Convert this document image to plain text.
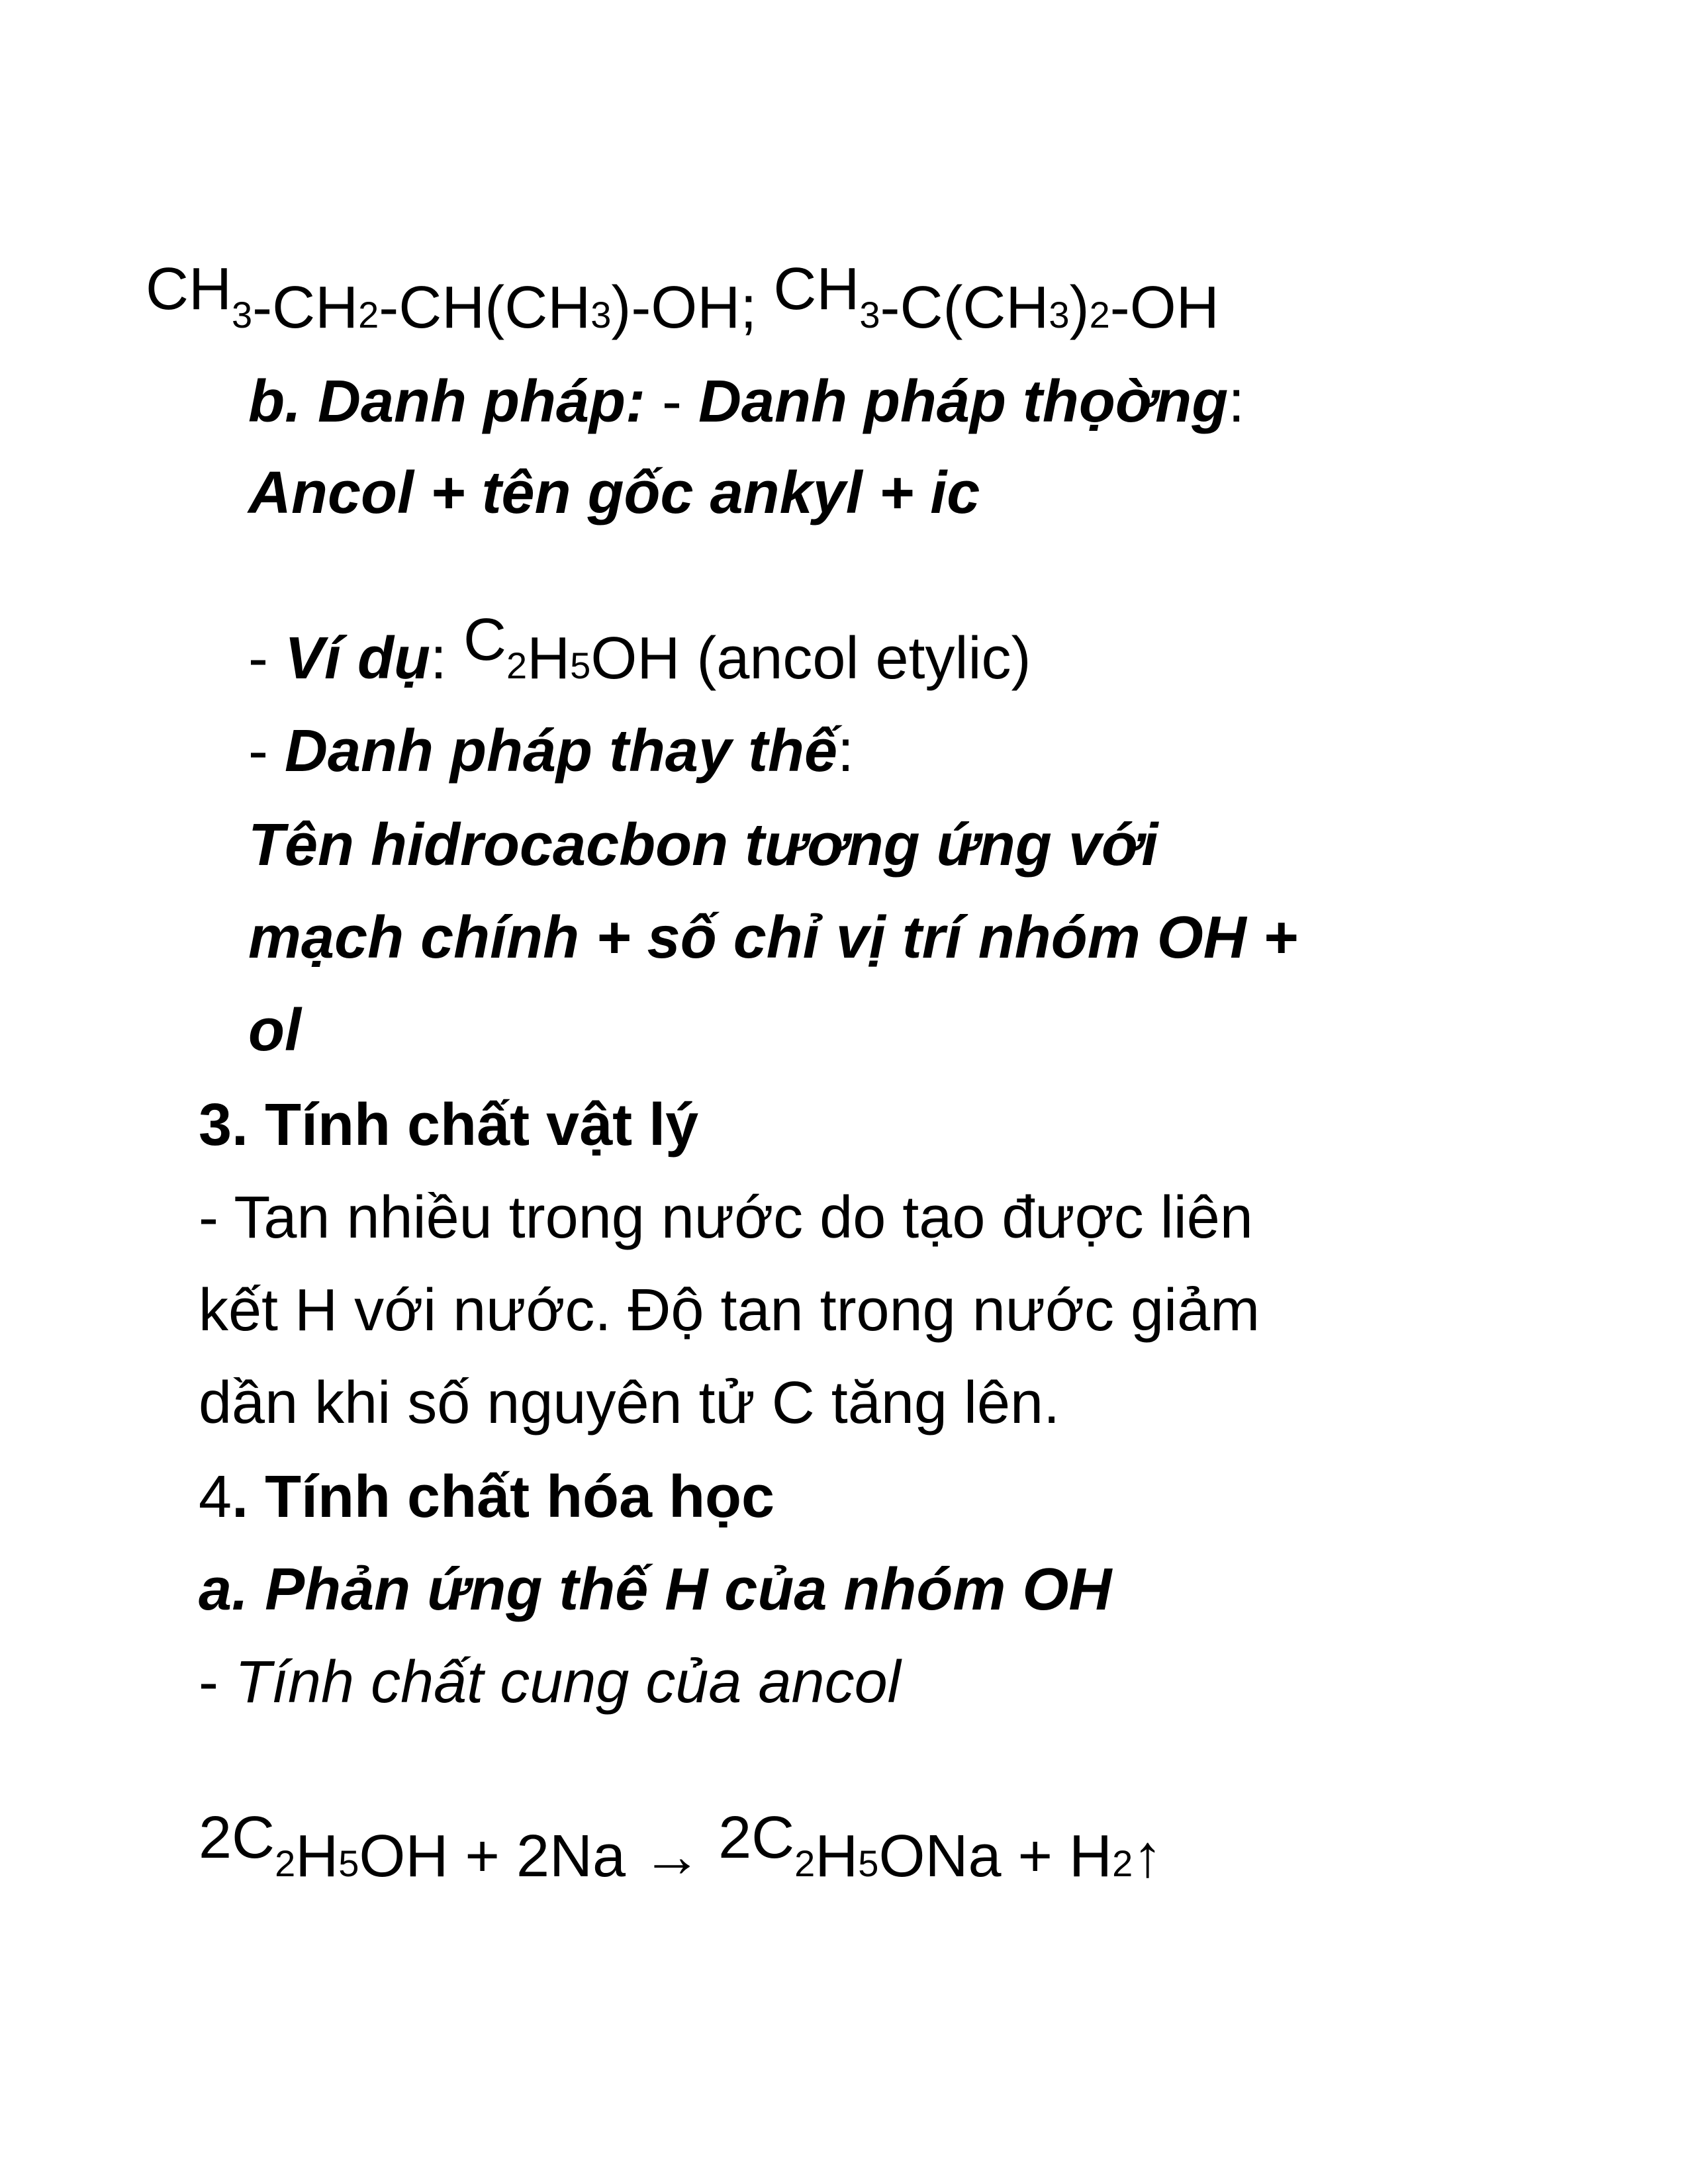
CH3-CH2-CH(CH3)-OH; CH3-C(CH3)2-OH
b. Danh pháp: - Danh pháp thọờng:
Ancol + tên gốc ankyl + ic
- Ví dụ: C2H5OH (ancol etylic)
- Danh pháp thay thế:
Tên hidrocacbon tương ứng với
mạch chính + số chỉ vị trí nhóm OH +
ol
3. Tính chất vật lý
- Tan nhiều trong nước do tạo được liên
kết H với nước. Độ tan trong nước giảm
dần khi số nguyên tử C tăng lên.
4. Tính chất hóa học
a. Phản ứng thế H của nhóm OH
- Tính chất cung của ancol
2C2H5OH + 2Na → 2C2H5ONa + H2↑
